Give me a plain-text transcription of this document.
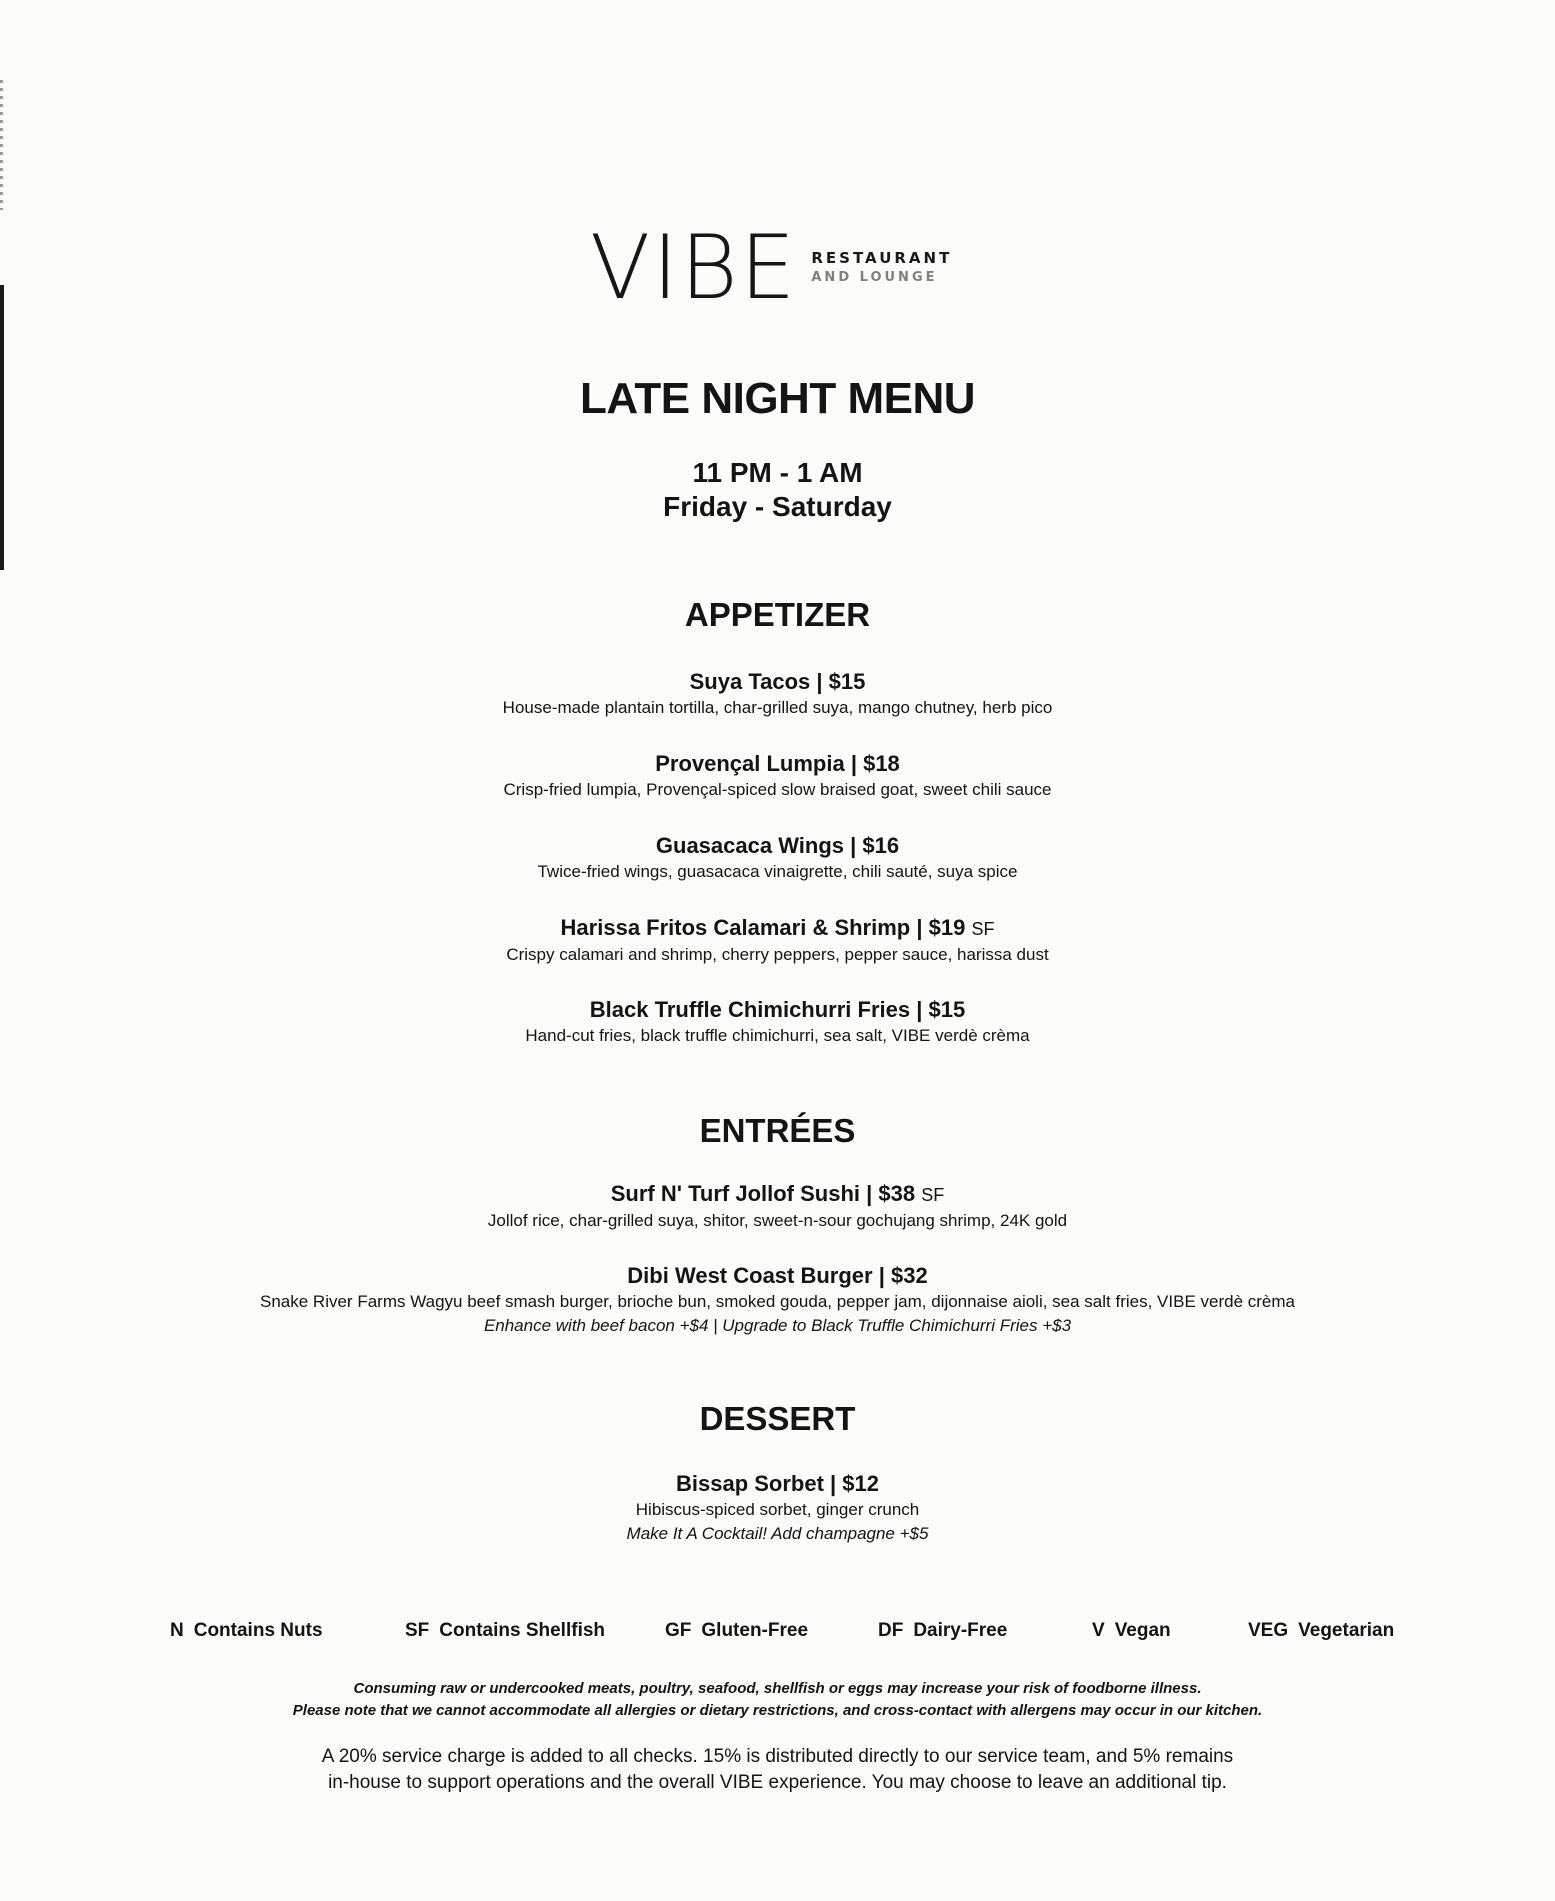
VIBE RESTAURANT
AND LOUNGE
LATE NIGHT MENU
11 PM - 1 AM
Friday - Saturday
APPETIZER
Suya Tacos | $15
House-made plantain tortilla, char-grilled suya, mango chutney, herb pico
Provençal Lumpia | $18
Crisp-fried lumpia, Provençal-spiced slow braised goat, sweet chili sauce
Guasacaca Wings | $16
Twice-fried wings, guasacaca vinaigrette, chili sauté, suya spice
Harissa Fritos Calamari & Shrimp | $19 SF
Crispy calamari and shrimp, cherry peppers, pepper sauce, harissa dust
Black Truffle Chimichurri Fries | $15
Hand-cut fries, black truffle chimichurri, sea salt, VIBE verdè crèma
ENTRÉES
Surf N' Turf Jollof Sushi | $38 SF
Jollof rice, char-grilled suya, shitor, sweet-n-sour gochujang shrimp, 24K gold
Dibi West Coast Burger | $32
Snake River Farms Wagyu beef smash burger, brioche bun, smoked gouda, pepper jam, dijonnaise aioli, sea salt fries, VIBE verdè crèma
Enhance with beef bacon +$4 | Upgrade to Black Truffle Chimichurri Fries +$3
DESSERT
Bissap Sorbet | $12
Hibiscus-spiced sorbet, ginger crunch
Make It A Cocktail! Add champagne +$5
N Contains Nuts	SF Contains Shellfish	GF Gluten-Free	DF Dairy-Free	V Vegan	VEG Vegetarian
Consuming raw or undercooked meats, poultry, seafood, shellfish or eggs may increase your risk of foodborne illness.
Please note that we cannot accommodate all allergies or dietary restrictions, and cross-contact with allergens may occur in our kitchen.
A 20% service charge is added to all checks. 15% is distributed directly to our service team, and 5% remains
in-house to support operations and the overall VIBE experience. You may choose to leave an additional tip.
